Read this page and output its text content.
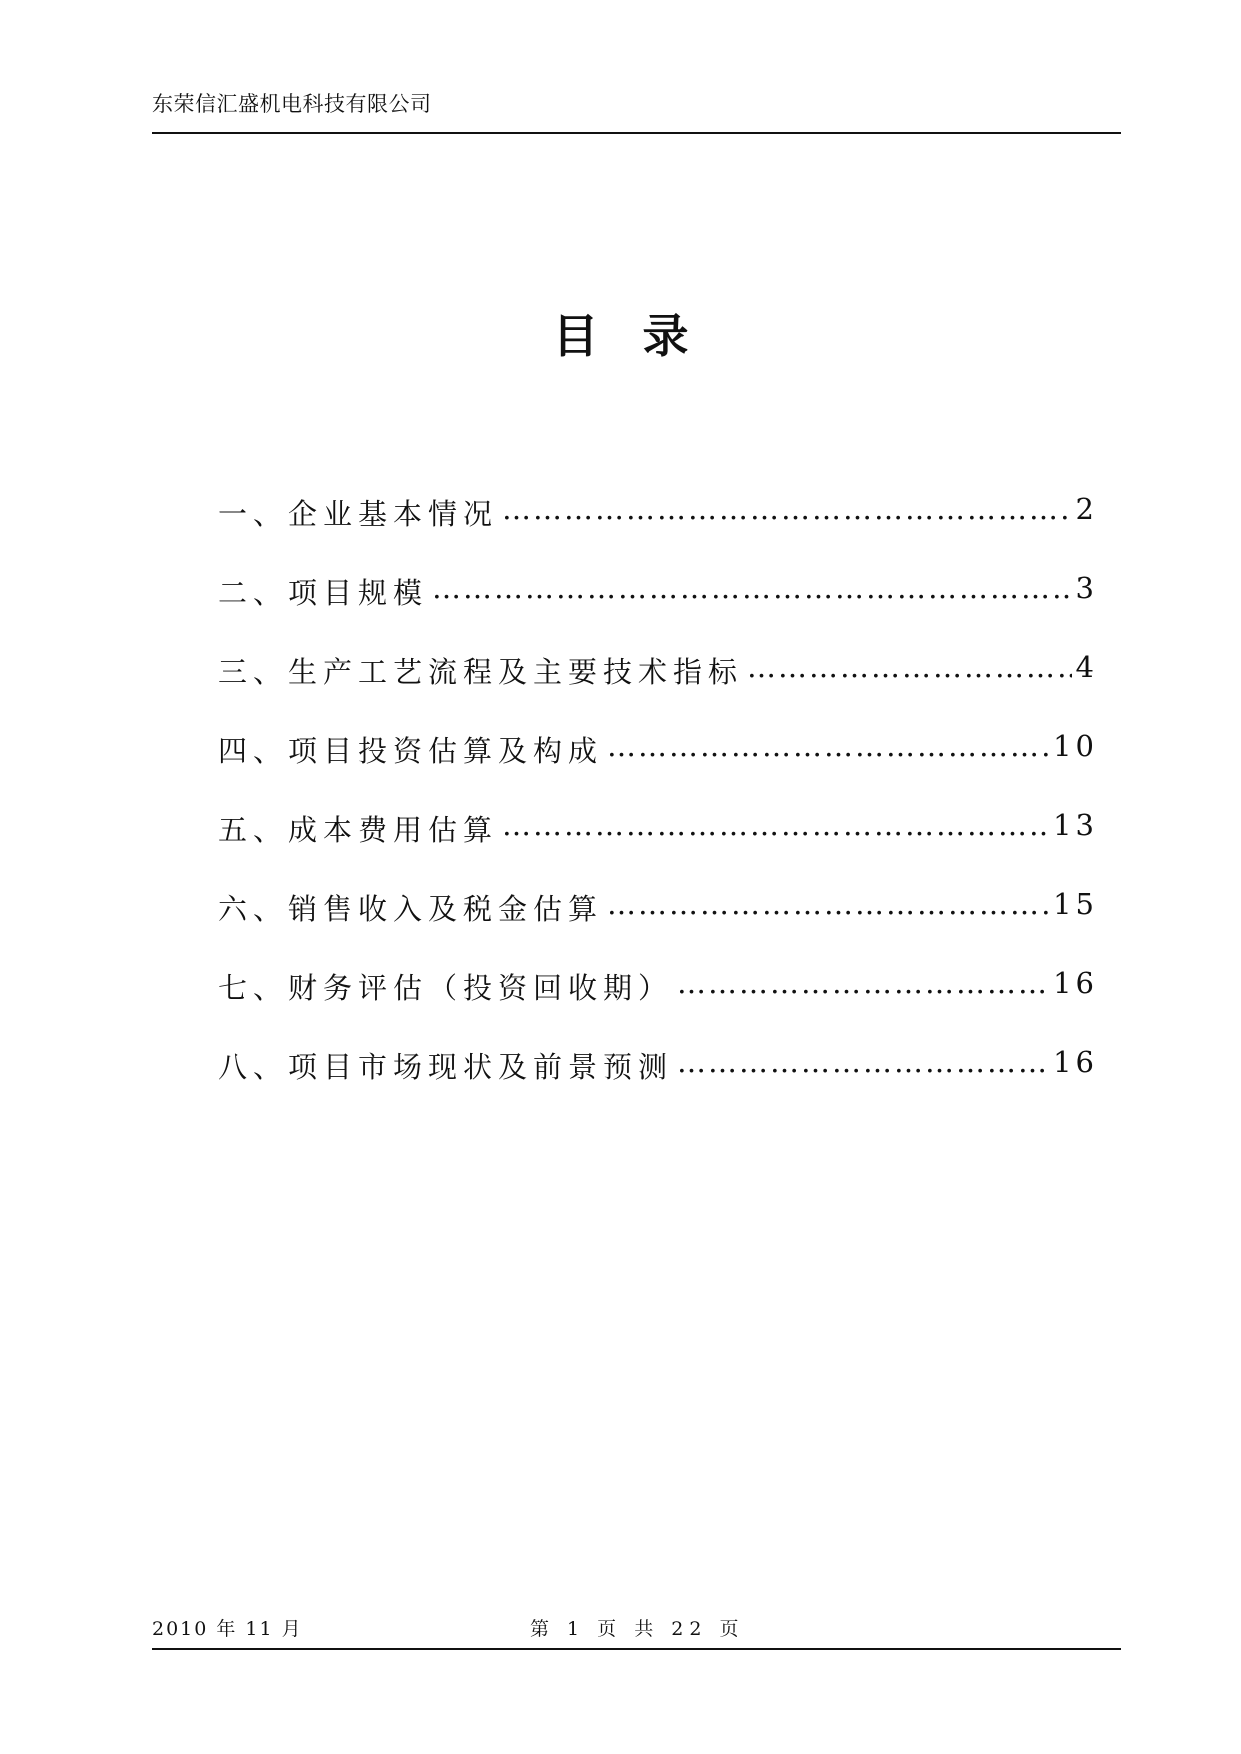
东荣信汇盛机电科技有限公司
目录
一、企业基本情况 ………………………………………………………………………………………………………………………………	2
二、项目规模 ………………………………………………………………………………………………………………………………	3
三、生产工艺流程及主要技术指标 ………………………………………………………………………………………………………………………………	4
四、项目投资估算及构成 ………………………………………………………………………………………………………………………………	10
五、成本费用估算 ………………………………………………………………………………………………………………………………	13
六、销售收入及税金估算 ………………………………………………………………………………………………………………………………	15
七、财务评估（投资回收期） ………………………………………………………………………………………………………………………………	16
八、项目市场现状及前景预测 ………………………………………………………………………………………………………………………………	16
2010 年 11 月	第 1 页 共 22 页
